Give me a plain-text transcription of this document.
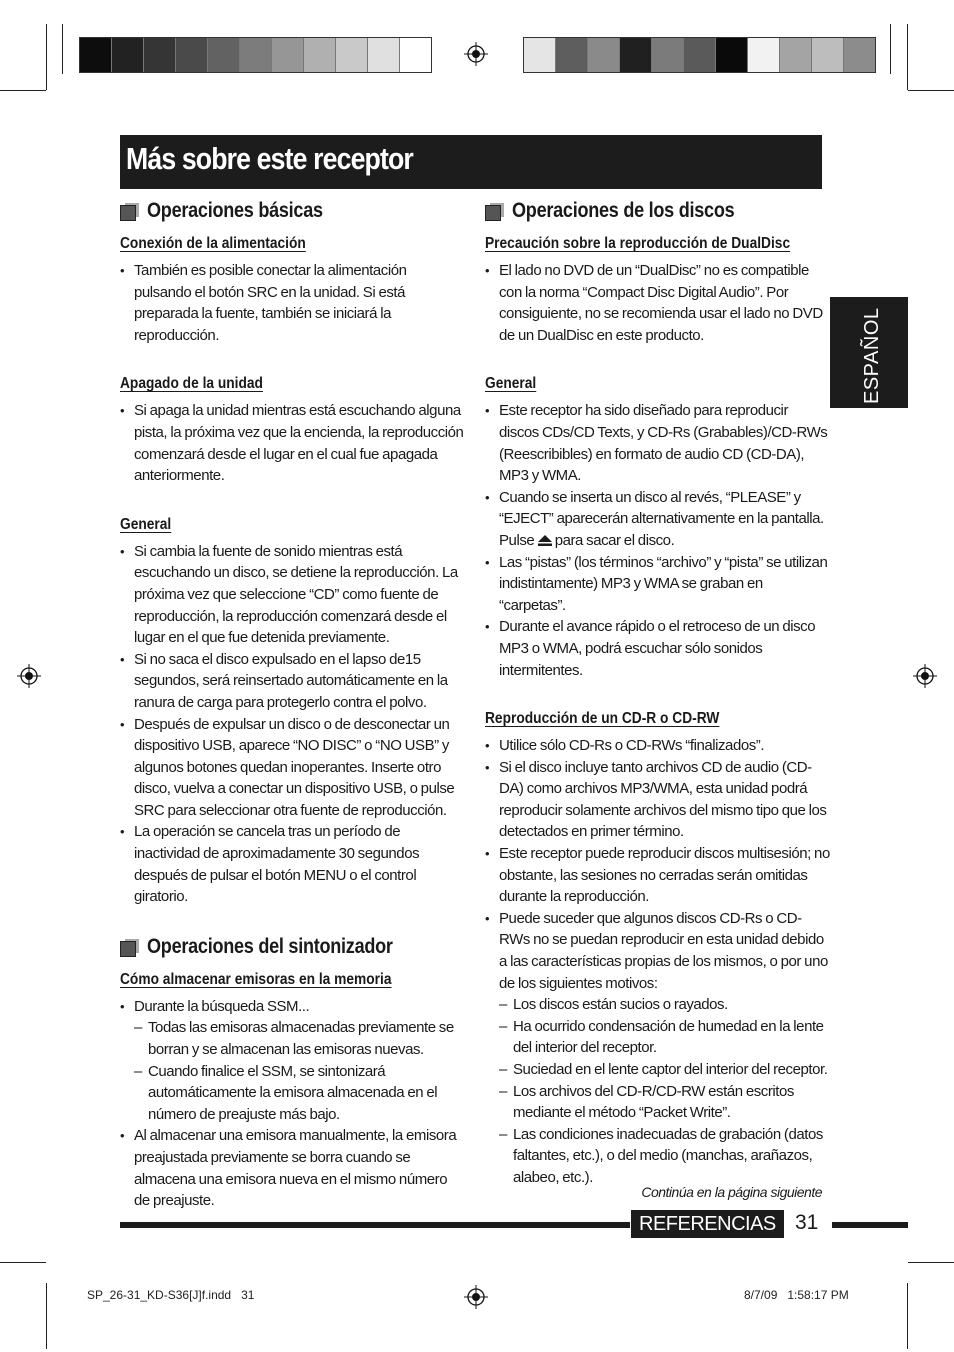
Más sobre este receptor
ESPAÑOL
Operaciones básicas
Conexión de la alimentación
• También es posible conectar la alimentación pulsando el botón SRC en la unidad. Si está preparada la fuente, también se iniciará la reproducción.
Apagado de la unidad
• Si apaga la unidad mientras está escuchando alguna pista, la próxima vez que la encienda, la reproducción comenzará desde el lugar en el cual fue apagada anteriormente.
General
• Si cambia la fuente de sonido mientras está escuchando un disco, se detiene la reproducción. La próxima vez que seleccione “CD” como fuente de reproducción, la reproducción comenzará desde el lugar en el que fue detenida previamente.
• Si no saca el disco expulsado en el lapso de15 segundos, será reinsertado automáticamente en la ranura de carga para protegerlo contra el polvo.
• Después de expulsar un disco o de desconectar un dispositivo USB, aparece “NO DISC” o “NO USB” y algunos botones quedan inoperantes. Inserte otro disco, vuelva a conectar un dispositivo USB, o pulse SRC para seleccionar otra fuente de reproducción.
• La operación se cancela tras un período de inactividad de aproximadamente 30 segundos después de pulsar el botón MENU o el control giratorio.
Operaciones del sintonizador
Cómo almacenar emisoras en la memoria
• Durante la búsqueda SSM...
– Todas las emisoras almacenadas previamente se borran y se almacenan las emisoras nuevas.
– Cuando finalice el SSM, se sintonizará automáticamente la emisora almacenada en el número de preajuste más bajo.
• Al almacenar una emisora manualmente, la emisora preajustada previamente se borra cuando se almacena una emisora nueva en el mismo número de preajuste.
Operaciones de los discos
Precaución sobre la reproducción de DualDisc
• El lado no DVD de un “DualDisc” no es compatible con la norma “Compact Disc Digital Audio”. Por consiguiente, no se recomienda usar el lado no DVD de un DualDisc en este producto.
General
• Este receptor ha sido diseñado para reproducir discos CDs/CD Texts, y CD-Rs (Grabables)/CD-RWs (Reescribibles) en formato de audio CD (CD-DA), MP3 y WMA.
• Cuando se inserta un disco al revés, “PLEASE” y “EJECT” aparecerán alternativamente en la pantalla. Pulse para sacar el disco.
• Las “pistas” (los términos “archivo” y “pista” se utilizan indistintamente) MP3 y WMA se graban en “carpetas”.
• Durante el avance rápido o el retroceso de un disco MP3 o WMA, podrá escuchar sólo sonidos intermitentes.
Reproducción de un CD-R o CD-RW
• Utilice sólo CD-Rs o CD-RWs “finalizados”.
• Si el disco incluye tanto archivos CD de audio (CD-DA) como archivos MP3/WMA, esta unidad podrá reproducir solamente archivos del mismo tipo que los detectados en primer término.
• Este receptor puede reproducir discos multisesión; no obstante, las sesiones no cerradas serán omitidas durante la reproducción.
• Puede suceder que algunos discos CD-Rs o CD-RWs no se puedan reproducir en esta unidad debido a las características propias de los mismos, o por uno de los siguientes motivos:
– Los discos están sucios o rayados.
– Ha ocurrido condensación de humedad en la lente del interior del receptor.
– Suciedad en el lente captor del interior del receptor.
– Los archivos del CD-R/CD-RW están escritos mediante el método “Packet Write”.
– Las condiciones inadecuadas de grabación (datos faltantes, etc.), o del medio (manchas, arañazos, alabeo, etc.).
Continúa en la página siguiente
REFERENCIAS 31
SP_26-31_KD-S36[J]f.indd   31	8/7/09   1:58:17 PM
